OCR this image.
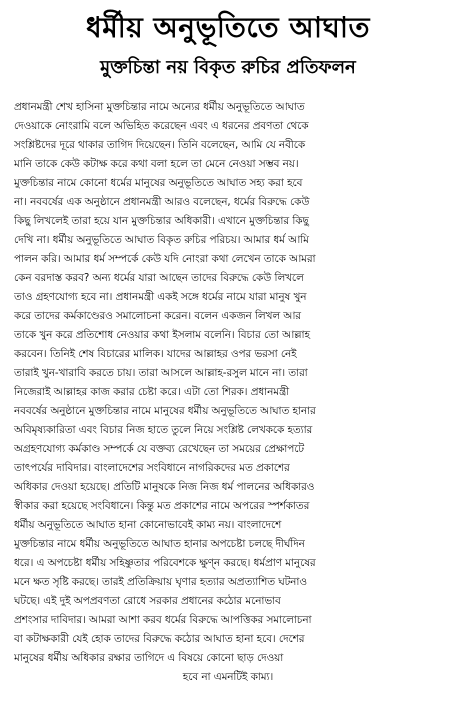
ধর্মীয় অনুভূতিতে আঘাত
মুক্তচিন্তা নয় বিকৃত রুচির প্রতিফলন
প্রধানমন্ত্রী শেখ হাসিনা মুক্তচিন্তার নামে অন্যের ধর্মীয় অনুভূতিতে আঘাত
দেওয়াকে নোংরামি বলে অভিহিত করেছেন এবং এ ধরনের প্রবণতা থেকে
সংশ্লিষ্টদের দূরে থাকার তাগিদ দিয়েছেন। তিনি বলেছেন, আমি যে নবীকে
মানি তাকে কেউ কটাক্ষ করে কথা বলা হলে তা মেনে নেওয়া সম্ভব নয়।
মুক্তচিন্তার নামে কোনো ধর্মের মানুষের অনুভূতিতে আঘাত সহ্য করা হবে
না। নববর্ষের এক অনুষ্ঠানে প্রধানমন্ত্রী আরও বলেছেন, ধর্মের বিরুদ্ধে কেউ
কিছু লিখলেই তারা হয়ে যান মুক্তচিন্তার অধিকারী। এখানে মুক্তচিন্তার কিছু
দেখি না। ধর্মীয় অনুভূতিতে আঘাত বিকৃত রুচির পরিচয়। আমার ধর্ম আমি
পালন করি। আমার ধর্ম সম্পর্কে কেউ যদি নোংরা কথা লেখেন তাকে আমরা
কেন বরদাস্ত করব? অন্য ধর্মের যারা আছেন তাদের বিরুদ্ধে কেউ লিখলে
তাও গ্রহণযোগ্য হবে না। প্রধানমন্ত্রী একই সঙ্গে ধর্মের নামে যারা মানুষ খুন
করে তাদের কর্মকাণ্ডেরও সমালোচনা করেন। বলেন একজন লিখল আর
তাকে খুন করে প্রতিশোধ নেওয়ার কথা ইসলাম বলেনি। বিচার তো আল্লাহ
করবেন। তিনিই শেষ বিচারের মালিক। যাদের আল্লাহর ওপর ভরসা নেই
তারাই খুন-খারাবি করতে চায়। তারা আসলে আল্লাহ-রসুল মানে না। তারা
নিজেরাই আল্লাহর কাজ করার চেষ্টা করে। এটা তো শিরক। প্রধানমন্ত্রী
নববর্ষের অনুষ্ঠানে মুক্তচিন্তার নামে মানুষের ধর্মীয় অনুভূতিতে আঘাত হানার
অবিমৃষ্যকারিতা এবং বিচার নিজ হাতে তুলে নিয়ে সংশ্লিষ্ট লেখককে হত্যার
অগ্রহণযোগ্য কর্মকাণ্ড সম্পর্কে যে বক্তব্য রেখেছেন তা সময়ের প্রেক্ষাপটে
তাৎপর্যের দাবিদার। বাংলাদেশের সংবিধানে নাগরিকদের মত প্রকাশের
অধিকার দেওয়া হয়েছে। প্রতিটি মানুষকে নিজ নিজ ধর্ম পালনের অধিকারও
স্বীকার করা হয়েছে সংবিধানে। কিন্তু মত প্রকাশের নামে অপরের স্পর্শকাতর
ধর্মীয় অনুভূতিতে আঘাত হানা কোনোভাবেই কাম্য নয়। বাংলাদেশে
মুক্তচিন্তার নামে ধর্মীয় অনুভূতিতে আঘাত হানার অপচেষ্টা চলছে দীর্ঘদিন
ধরে। এ অপচেষ্টা ধর্মীয় সহিষ্ণুতার পরিবেশকে ক্ষুণ্ন করছে। ধর্মপ্রাণ মানুষের
মনে ক্ষত সৃষ্টি করছে। তারই প্রতিক্রিয়ায় ঘৃণার হত্যার অপ্রত্যাশিত ঘটনাও
ঘটছে। এই দুই অপপ্রবণতা রোধে সরকার প্রধানের কঠোর মনোভাব
প্রশংসার দাবিদার। আমরা আশা করব ধর্মের বিরুদ্ধে আপত্তিকর সমালোচনা
বা কটাক্ষকারী যেই হোক তাদের বিরুদ্ধে কঠোর আঘাত হানা হবে। দেশের
মানুষের ধর্মীয় অধিকার রক্ষার তাগিদে এ বিষয়ে কোনো ছাড় দেওয়া
হবে না এমনটিই কাম্য।
